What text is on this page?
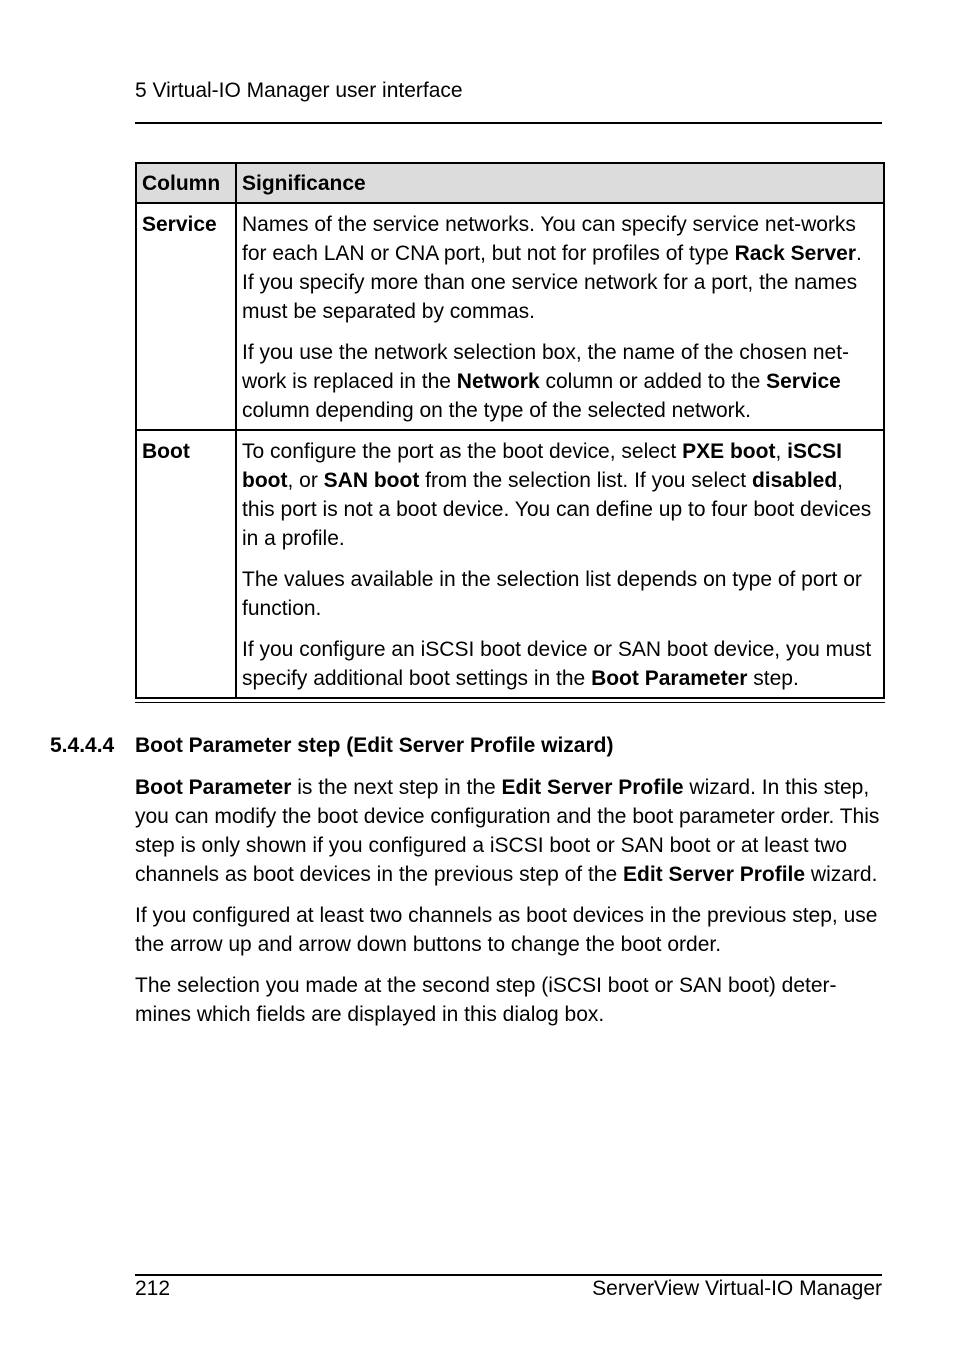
5 Virtual-IO Manager user interface
Column	Significance
Service	Names of the service networks. You can specify service net-works for each LAN or CNA port, but not for profiles of type Rack Server. If you specify more than one service network for a port, the names must be separated by commas.

If you use the network selection box, the name of the chosen net-work is replaced in the Network column or added to the Service column depending on the type of the selected network.

Boot	To configure the port as the boot device, select PXE boot, iSCSI boot, or SAN boot from the selection list. If you select disabled, this port is not a boot device. You can define up to four boot devices in a profile.

The values available in the selection list depends on type of port or function.

If you configure an iSCSI boot device or SAN boot device, you must specify additional boot settings in the Boot Parameter step.

5.4.4.4 Boot Parameter step (Edit Server Profile wizard)

Boot Parameter is the next step in the Edit Server Profile wizard. In this step, you can modify the boot device configuration and the boot parameter order. This step is only shown if you configured a iSCSI boot or SAN boot or at least two channels as boot devices in the previous step of the Edit Server Profile wizard.

If you configured at least two channels as boot devices in the previous step, use the arrow up and arrow down buttons to change the boot order.

The selection you made at the second step (iSCSI boot or SAN boot) deter-mines which fields are displayed in this dialog box.

212	ServerView Virtual-IO Manager
